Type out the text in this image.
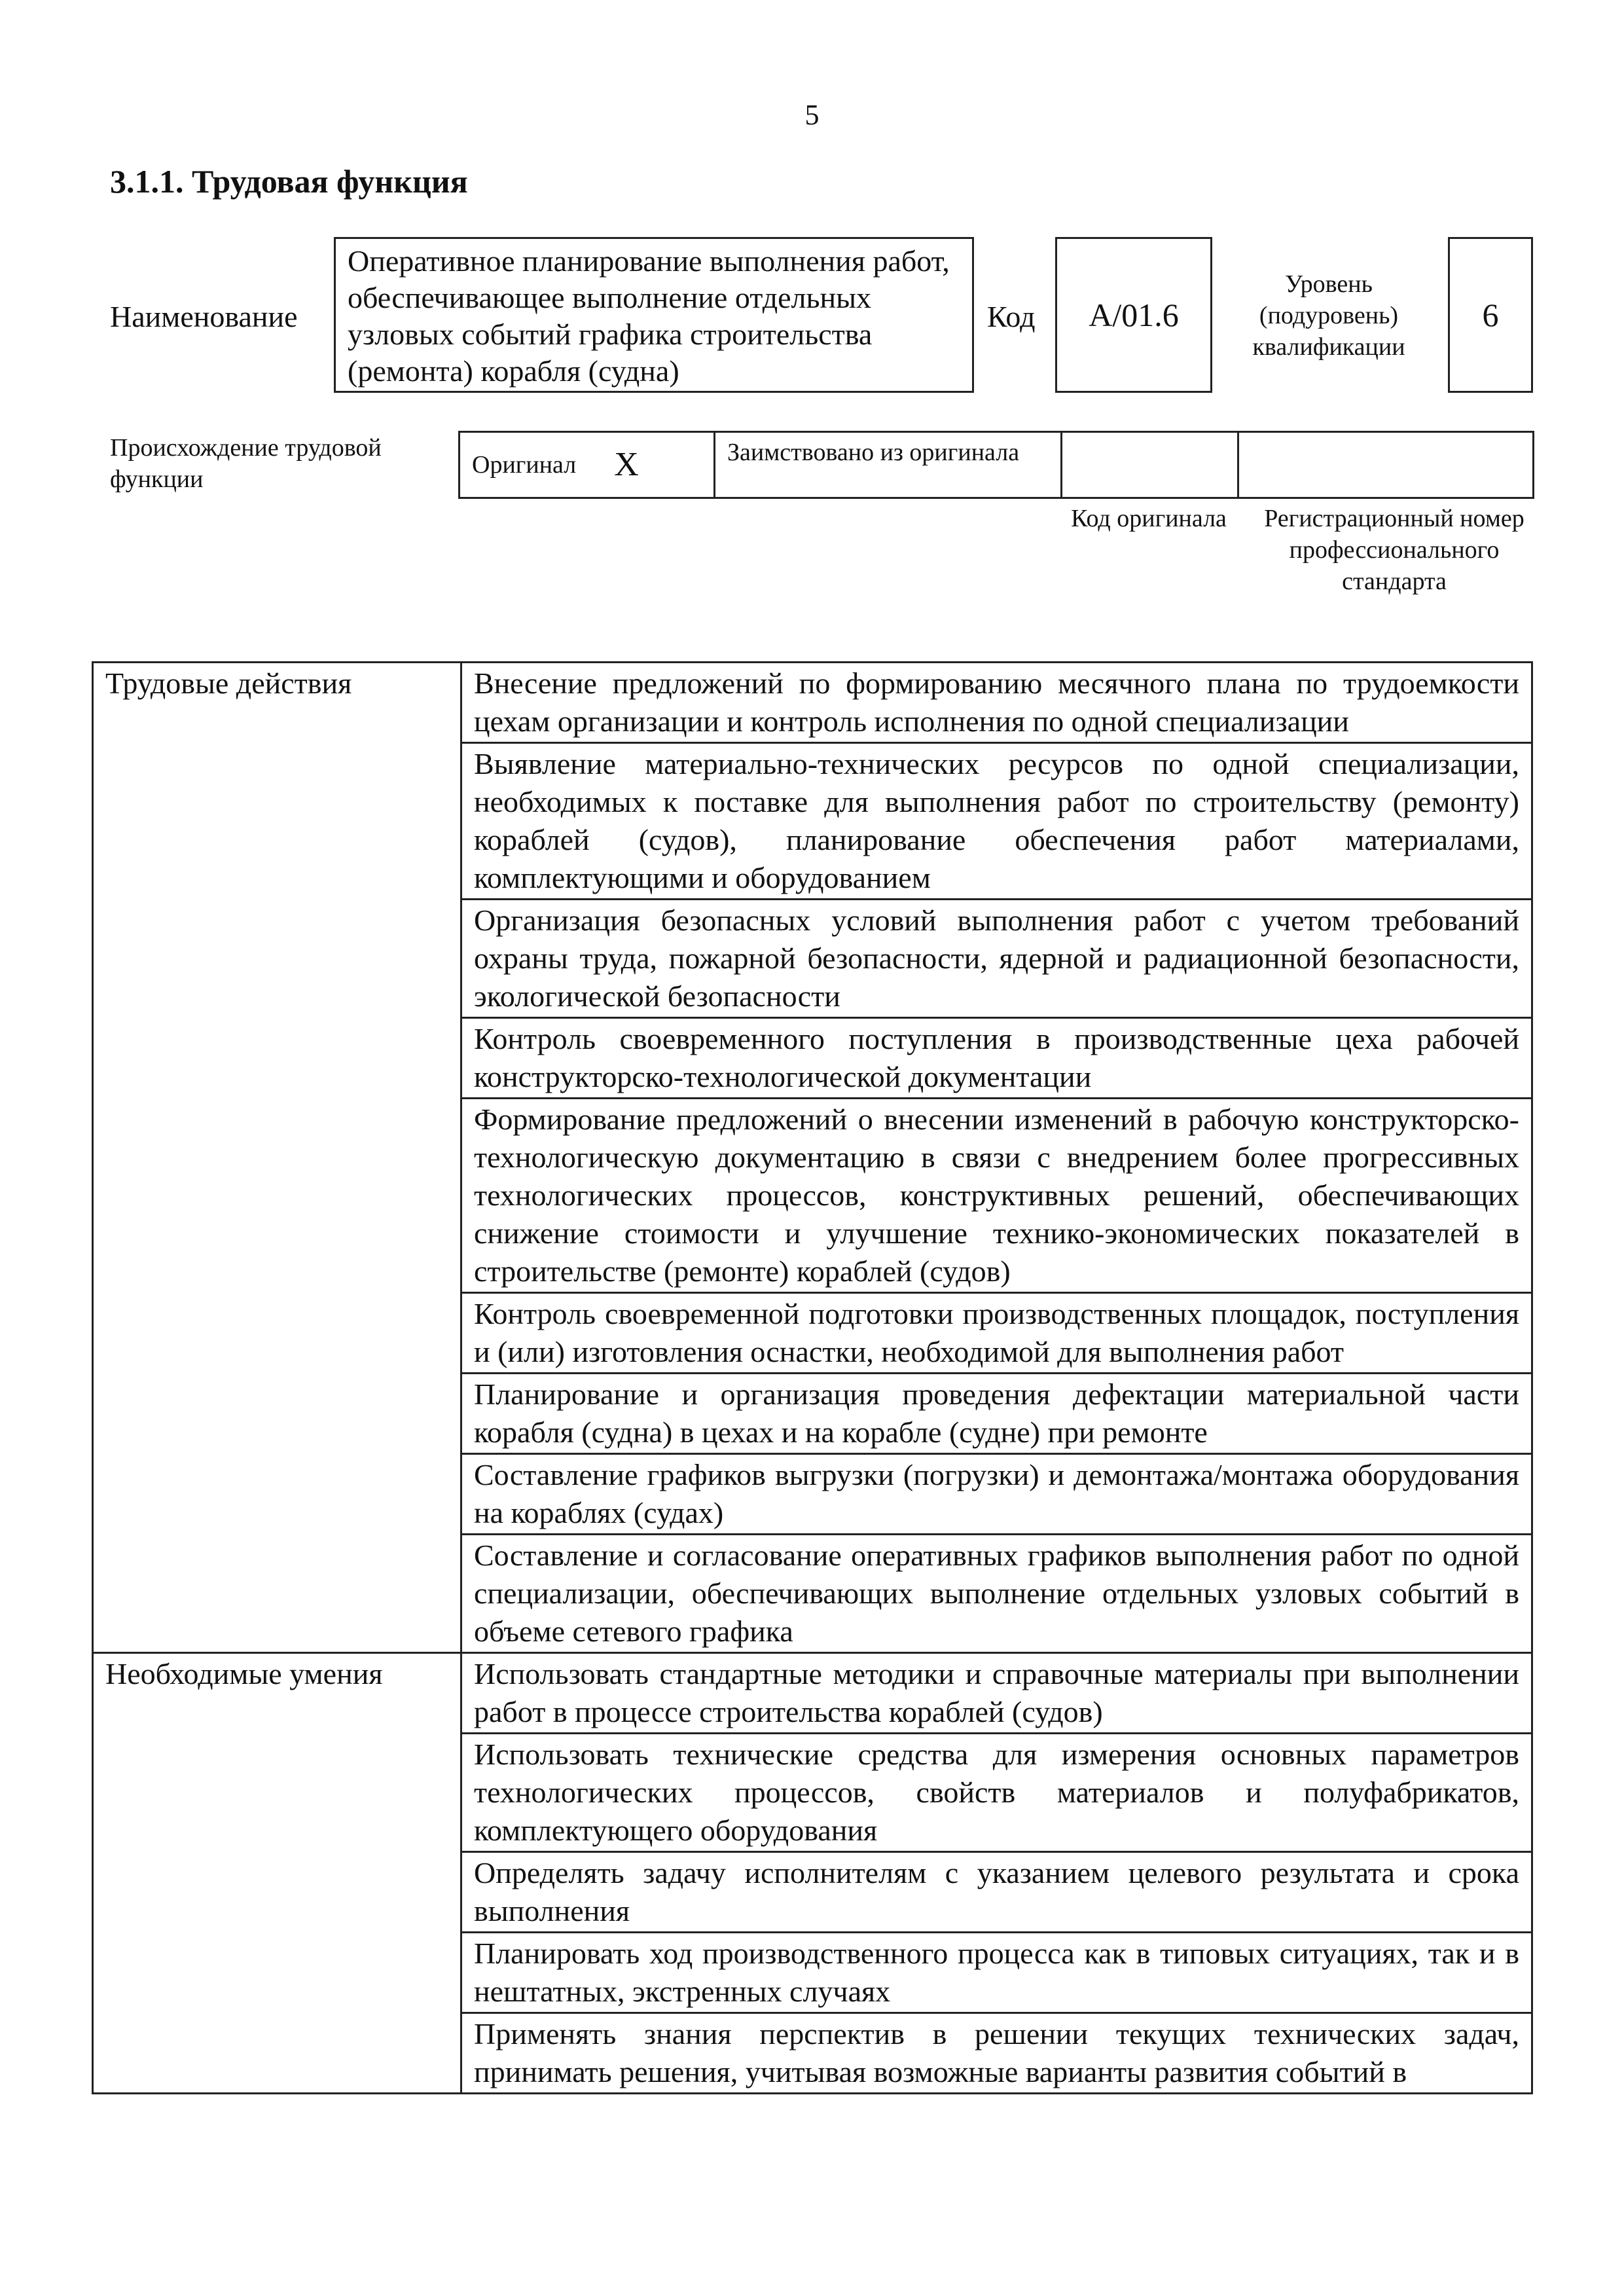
5
3.1.1. Трудовая функция
Наименование
Оперативное планирование выполнения работ, обеспечивающее выполнение отдельных узловых событий графика строительства (ремонта) корабля (судна)
Код	A/01.6
Уровень (подуровень) квалификации
6
Происхождение трудовой функции
Оригинал X	Заимствовано из оригинала
Код оригинала	Регистрационный номер профессионального стандарта
Трудовые действия	Внесение предложений по формированию месячного плана по трудоемкости цехам организации и контроль исполнения по одной специализации
	Выявление материально-технических ресурсов по одной специализации, необходимых к поставке для выполнения работ по строительству (ремонту) кораблей (судов), планирование обеспечения работ материалами, комплектующими и оборудованием
	Организация безопасных условий выполнения работ с учетом требований охраны труда, пожарной безопасности, ядерной и радиационной безопасности, экологической безопасности
	Контроль своевременного поступления в производственные цеха рабочей конструкторско-технологической документации
	Формирование предложений о внесении изменений в рабочую конструкторско-технологическую документацию в связи с внедрением более прогрессивных технологических процессов, конструктивных решений, обеспечивающих снижение стоимости и улучшение технико-экономических показателей в строительстве (ремонте) кораблей (судов)
	Контроль своевременной подготовки производственных площадок, поступления и (или) изготовления оснастки, необходимой для выполнения работ
	Планирование и организация проведения дефектации материальной части корабля (судна) в цехах и на корабле (судне) при ремонте
	Составление графиков выгрузки (погрузки) и демонтажа/монтажа оборудования на кораблях (судах)
	Составление и согласование оперативных графиков выполнения работ по одной специализации, обеспечивающих выполнение отдельных узловых событий в объеме сетевого графика
Необходимые умения	Использовать стандартные методики и справочные материалы при выполнении работ в процессе строительства кораблей (судов)
	Использовать технические средства для измерения основных параметров технологических процессов, свойств материалов и полуфабрикатов, комплектующего оборудования
	Определять задачу исполнителям с указанием целевого результата и срока выполнения
	Планировать ход производственного процесса как в типовых ситуациях, так и в нештатных, экстренных случаях
	Применять знания перспектив в решении текущих технических задач, принимать решения, учитывая возможные варианты развития событий в
